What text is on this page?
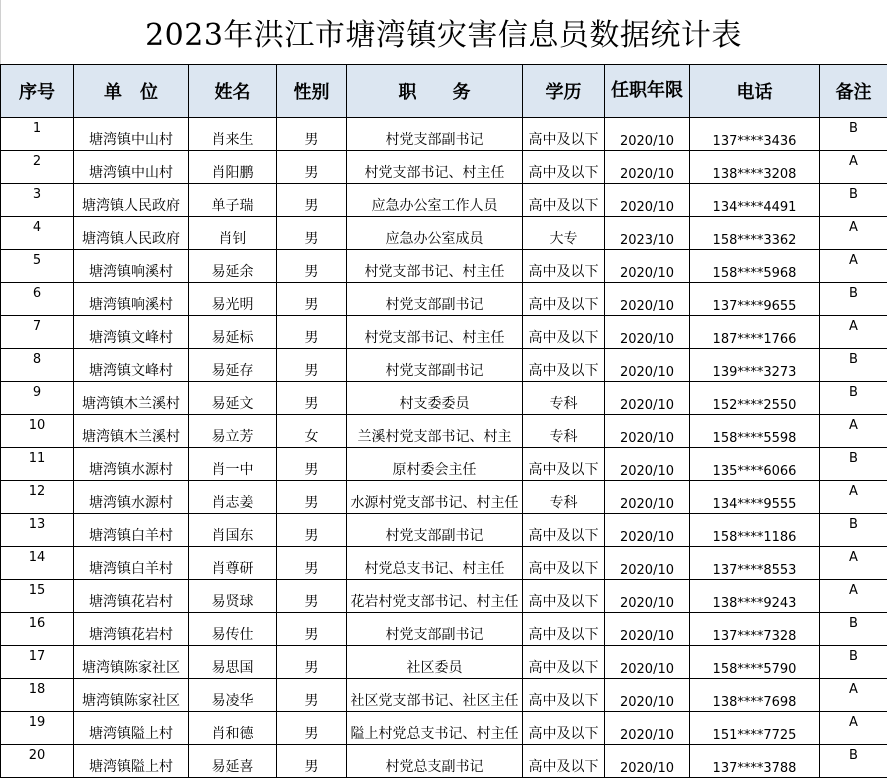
2023年洪江市塘湾镇灾害信息员数据统计表
序号	单　位	姓名	性别	职　　务	学历	任职年限	电话	备注
1	塘湾镇中山村	肖来生	男	村党支部副书记	高中及以下	2020/10	137****3436	B
2	塘湾镇中山村	肖阳鹏	男	村党支部书记、村主任	高中及以下	2020/10	138****3208	A
3	塘湾镇人民政府	单子瑞	男	应急办公室工作人员	高中及以下	2020/10	134****4491	B
4	塘湾镇人民政府	肖钊	男	应急办公室成员	大专	2023/10	158****3362	A
5	塘湾镇响溪村	易延余	男	村党支部书记、村主任	高中及以下	2020/10	158****5968	A
6	塘湾镇响溪村	易光明	男	村党支部副书记	高中及以下	2020/10	137****9655	B
7	塘湾镇文峰村	易延标	男	村党支部书记、村主任	高中及以下	2020/10	187****1766	A
8	塘湾镇文峰村	易延存	男	村党支部副书记	高中及以下	2020/10	139****3273	B
9	塘湾镇木兰溪村	易延文	男	村支委委员	专科	2020/10	152****2550	B
10	塘湾镇木兰溪村	易立芳	女	兰溪村党支部书记、村主	专科	2020/10	158****5598	A
11	塘湾镇水源村	肖一中	男	原村委会主任	高中及以下	2020/10	135****6066	B
12	塘湾镇水源村	肖志姜	男	水源村党支部书记、村主任	专科	2020/10	134****9555	A
13	塘湾镇白羊村	肖国东	男	村党支部副书记	高中及以下	2020/10	158****1186	B
14	塘湾镇白羊村	肖尊研	男	村党总支书记、村主任	高中及以下	2020/10	137****8553	A
15	塘湾镇花岩村	易贤球	男	花岩村党支部书记、村主任	高中及以下	2020/10	138****9243	A
16	塘湾镇花岩村	易传仕	男	村党支部副书记	高中及以下	2020/10	137****7328	B
17	塘湾镇陈家社区	易思国	男	社区委员	高中及以下	2020/10	158****5790	B
18	塘湾镇陈家社区	易凌华	男	社区党支部书记、社区主任	高中及以下	2020/10	138****7698	A
19	塘湾镇隘上村	肖和德	男	隘上村党总支书记、村主任	高中及以下	2020/10	151****7725	A
20	塘湾镇隘上村	易延喜	男	村党总支副书记	高中及以下	2020/10	137****3788	B
